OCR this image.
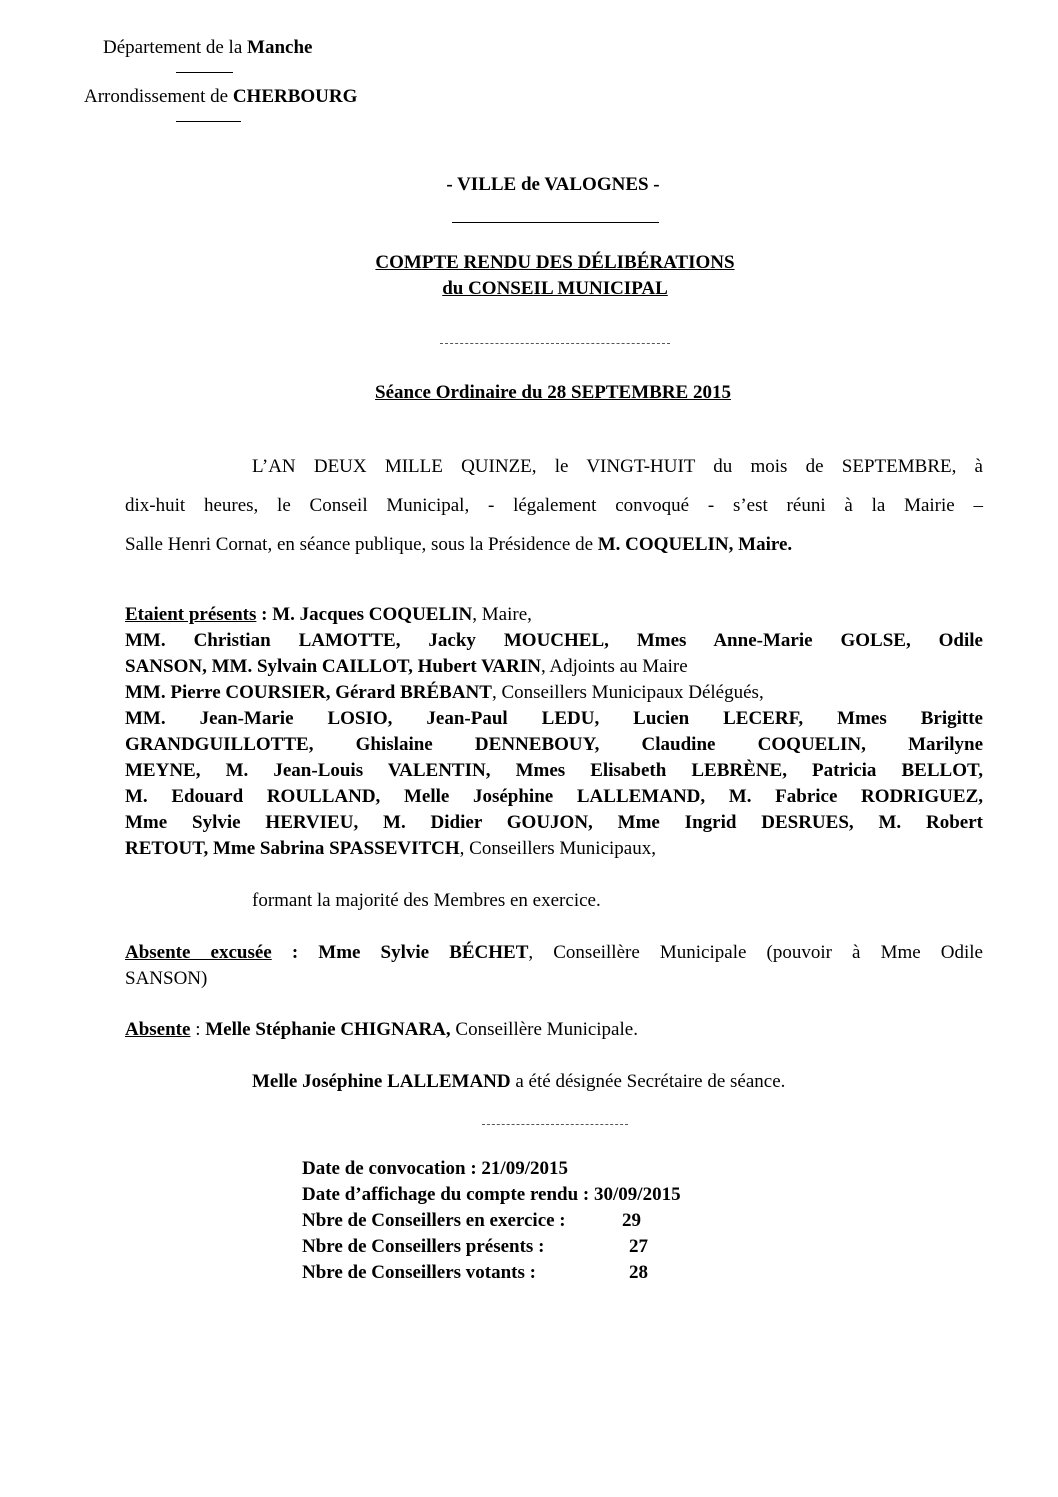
Département de la Manche
Arrondissement de CHERBOURG
- VILLE de VALOGNES -
COMPTE RENDU DES DÉLIBÉRATIONS
du CONSEIL MUNICIPAL
Séance Ordinaire du 28 SEPTEMBRE 2015
L’AN DEUX MILLE QUINZE, le VINGT-HUIT du mois de SEPTEMBRE, à
dix-huit heures, le Conseil Municipal, - légalement convoqué - s’est réuni à la Mairie –
Salle Henri Cornat, en séance publique, sous la Présidence de M. COQUELIN, Maire.
Etaient présents : M. Jacques COQUELIN, Maire,
MM. Christian LAMOTTE, Jacky MOUCHEL, Mmes Anne-Marie GOLSE, Odile
SANSON, MM. Sylvain CAILLOT, Hubert VARIN, Adjoints au Maire
MM. Pierre COURSIER, Gérard BRÉBANT, Conseillers Municipaux Délégués,
MM. Jean-Marie LOSIO, Jean-Paul LEDU, Lucien LECERF, Mmes Brigitte
GRANDGUILLOTTE, Ghislaine DENNEBOUY, Claudine COQUELIN, Marilyne
MEYNE, M. Jean-Louis VALENTIN, Mmes Elisabeth LEBRÈNE, Patricia BELLOT,
M. Edouard ROULLAND, Melle Joséphine LALLEMAND, M. Fabrice RODRIGUEZ,
Mme Sylvie HERVIEU, M. Didier GOUJON, Mme Ingrid DESRUES, M. Robert
RETOUT, Mme Sabrina SPASSEVITCH, Conseillers Municipaux,
formant la majorité des Membres en exercice.
Absente excusée : Mme Sylvie BÉCHET, Conseillère Municipale (pouvoir à Mme Odile
SANSON)
Absente : Melle Stéphanie CHIGNARA, Conseillère Municipale.
Melle Joséphine LALLEMAND a été désignée Secrétaire de séance.
Date de convocation : 21/09/2015
Date d’affichage du compte rendu : 30/09/2015
Nbre de Conseillers en exercice :	29
Nbre de Conseillers présents :	27
Nbre de Conseillers votants :	28
